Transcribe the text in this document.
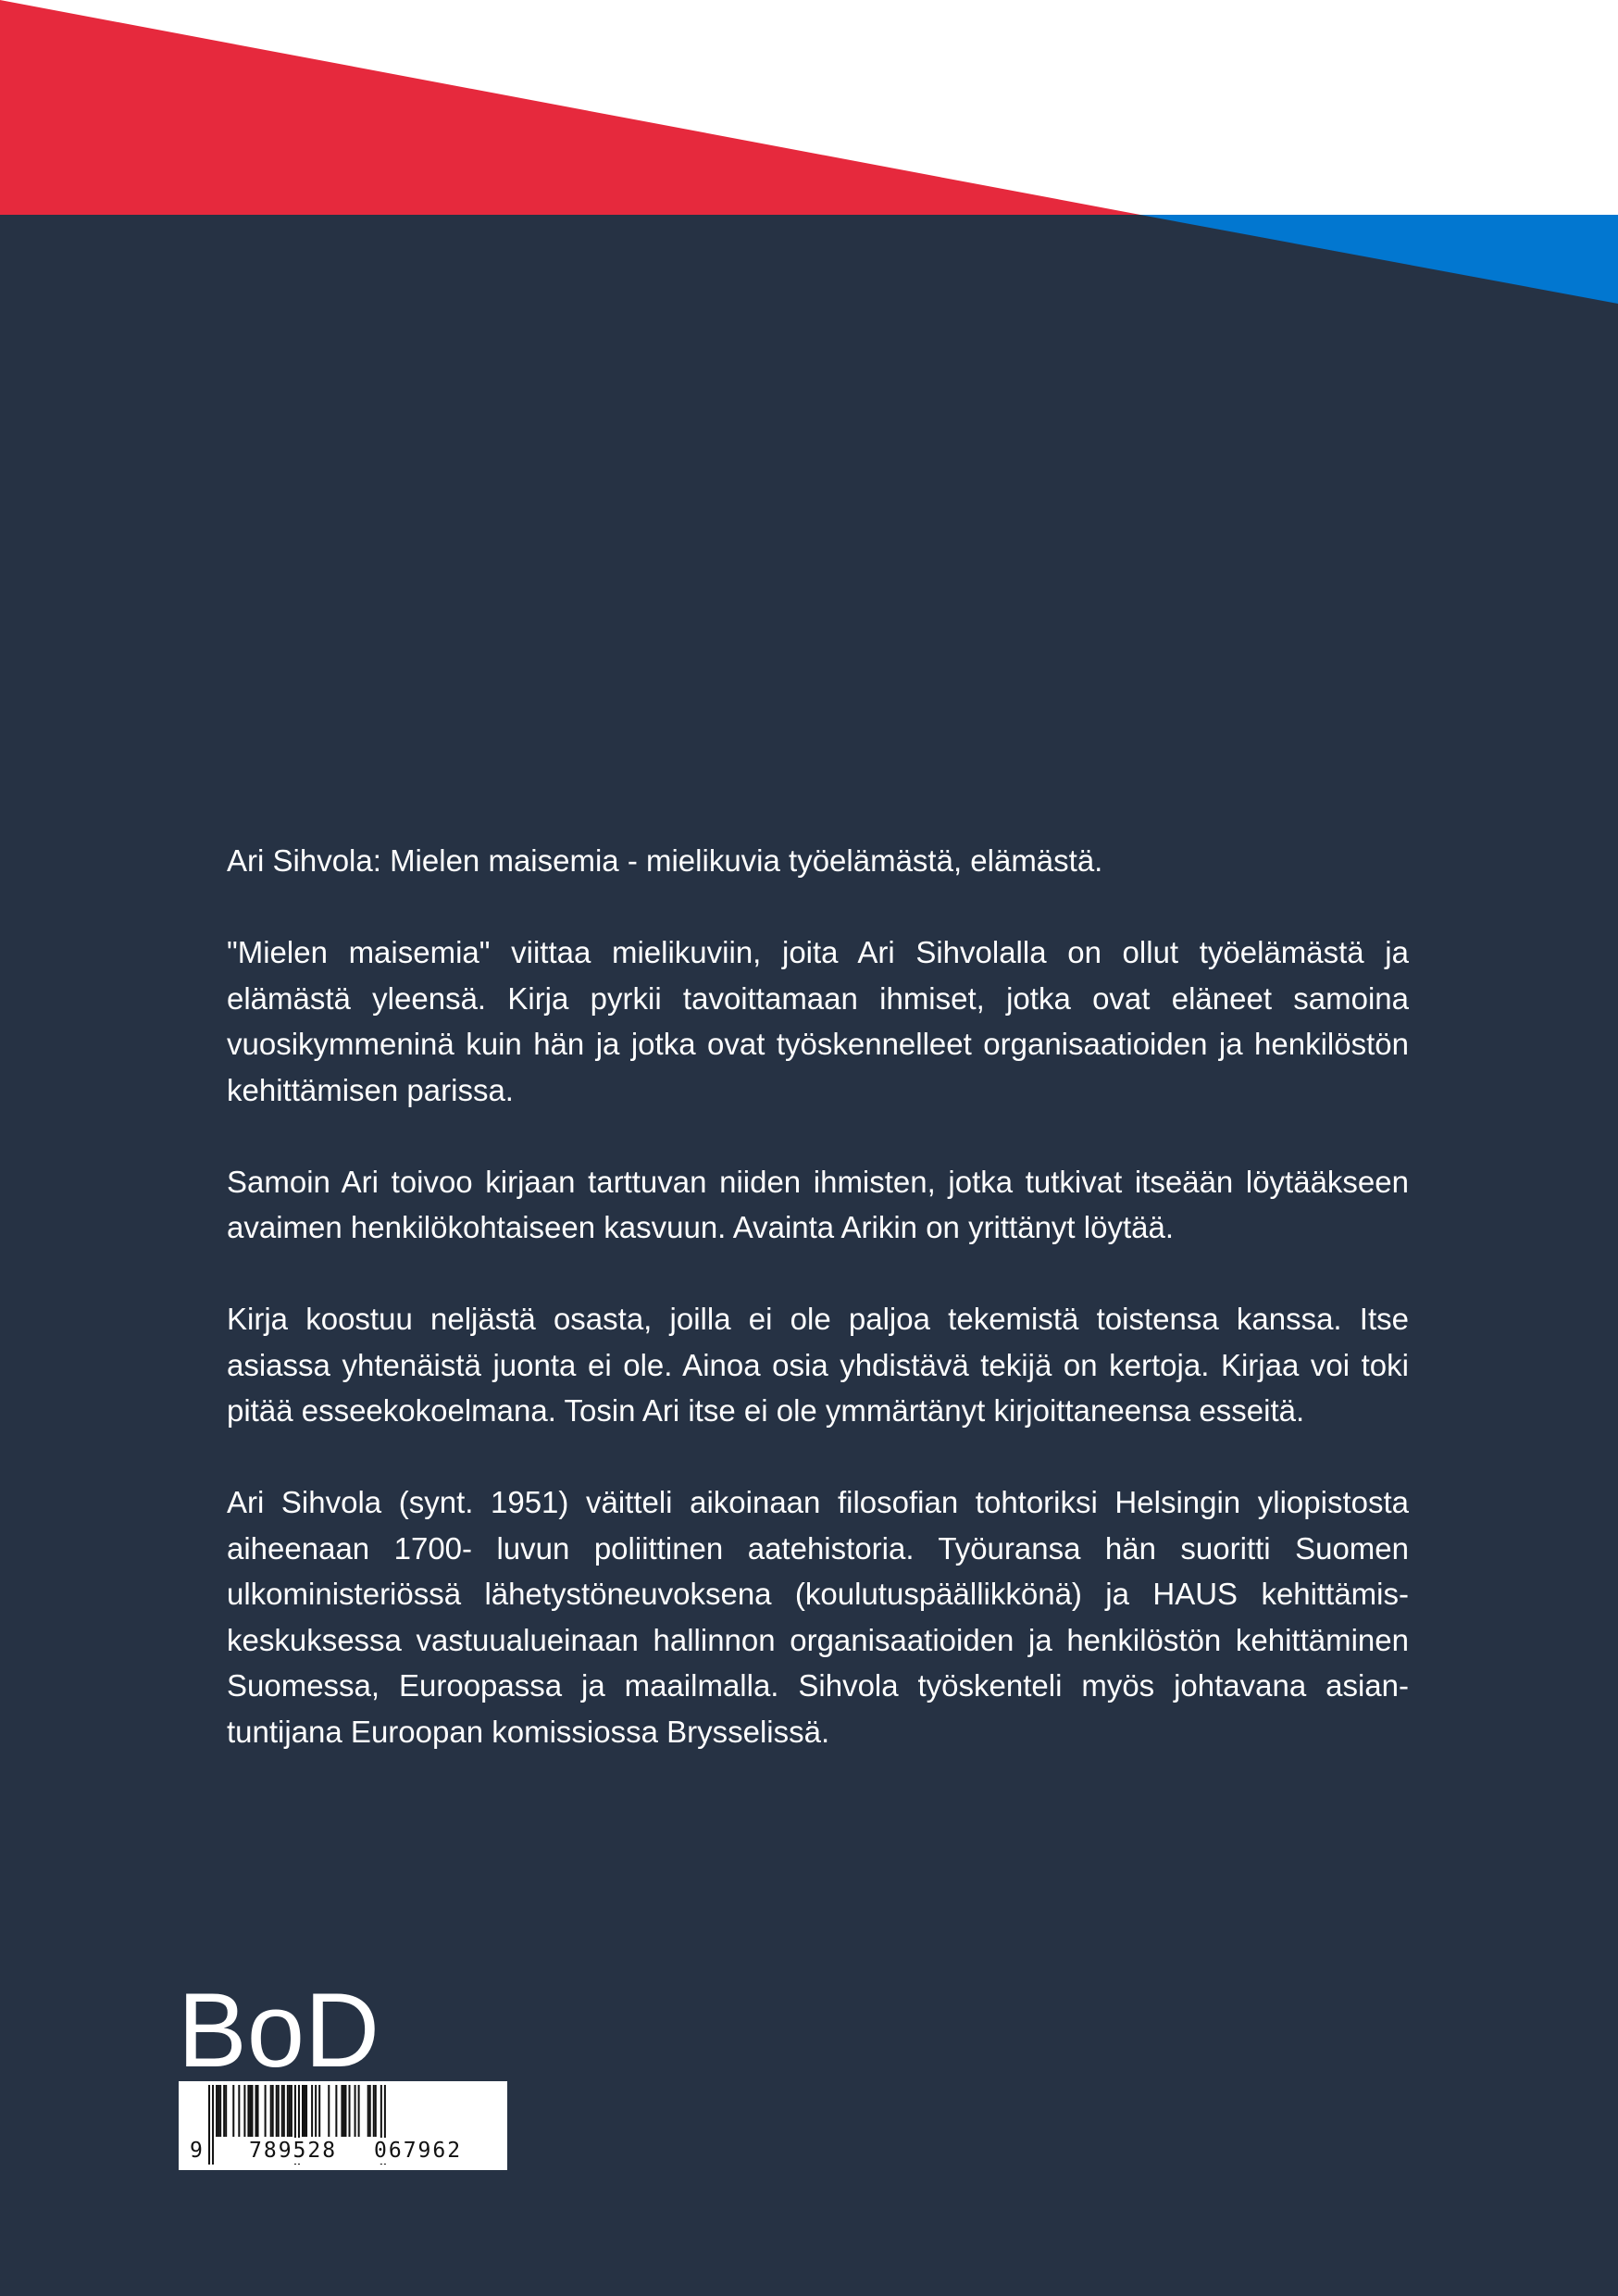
Ari Sihvola: Mielen maisemia - mielikuvia työelämästä, elämästä.

"Mielen maisemia" viittaa mielikuviin, joita Ari Sihvolalla on ollut työelämästä ja elämästä yleensä. Kirja pyrkii tavoittamaan ihmiset, jotka ovat eläneet samoina vuosikymmeninä kuin hän ja jotka ovat työskennelleet organisaatioiden ja henkilöstön kehittämisen parissa.

Samoin Ari toivoo kirjaan tarttuvan niiden ihmisten, jotka tutkivat itseään löytääkseen avaimen henkilökohtaiseen kasvuun. Avainta Arikin on yrittänyt löytää.

Kirja koostuu neljästä osasta, joilla ei ole paljoa tekemistä toistensa kanssa. Itse asiassa yhtenäistä juonta ei ole. Ainoa osia yhdistävä tekijä on kertoja. Kirjaa voi toki pitää esseekokoelmana. Tosin Ari itse ei ole ymmärtänyt kirjoittaneensa esseitä.

Ari Sihvola (synt. 1951) väitteli aikoinaan filosofian tohtoriksi Helsingin yliopistosta aiheenaan 1700- luvun poliittinen aatehistoria. Työuransa hän suoritti Suomen ulkoministeriössä lähetystöneuvoksena (koulutuspäällikkönä) ja HAUS kehittämiskeskuksessa vastuualueinaan hallinnon organisaatioiden ja henkilöstön kehittäminen Suomessa, Euroopassa ja maailmalla. Sihvola työskenteli myös johtavana asiantuntijana Euroopan komissiossa Brysselissä.

BoD
9 789528 067962
